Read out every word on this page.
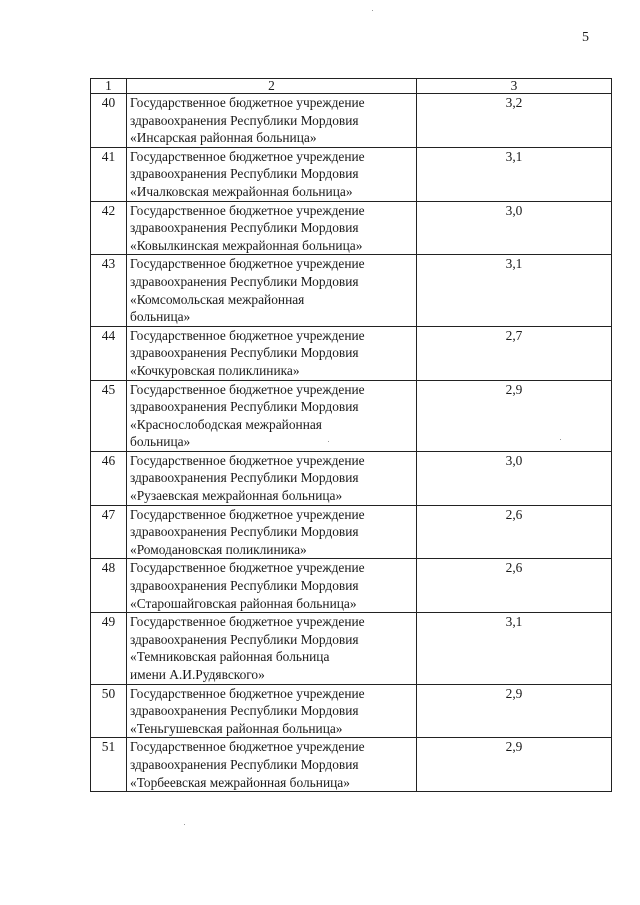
5
1	2	3
40	Государственное бюджетное учреждение
здравоохранения Республики Мордовия
«Инсарская районная больница»	3,2
41	Государственное бюджетное учреждение
здравоохранения Республики Мордовия
«Ичалковская межрайонная больница»	3,1
42	Государственное бюджетное учреждение
здравоохранения Республики Мордовия
«Ковылкинская межрайонная больница»	3,0
43	Государственное бюджетное учреждение
здравоохранения Республики Мордовия
«Комсомольская межрайонная
больница»	3,1
44	Государственное бюджетное учреждение
здравоохранения Республики Мордовия
«Кочкуровская поликлиника»	2,7
45	Государственное бюджетное учреждение
здравоохранения Республики Мордовия
«Краснослободская межрайонная
больница»	2,9
46	Государственное бюджетное учреждение
здравоохранения Республики Мордовия
«Рузаевская межрайонная больница»	3,0
47	Государственное бюджетное учреждение
здравоохранения Республики Мордовия
«Ромодановская поликлиника»	2,6
48	Государственное бюджетное учреждение
здравоохранения Республики Мордовия
«Старошайговская районная больница»	2,6
49	Государственное бюджетное учреждение
здравоохранения Республики Мордовия
«Темниковская районная больница
имени А.И.Рудявского»	3,1
50	Государственное бюджетное учреждение
здравоохранения Республики Мордовия
«Теньгушевская районная больница»	2,9
51	Государственное бюджетное учреждение
здравоохранения Республики Мордовия
«Торбеевская межрайонная больница»	2,9
